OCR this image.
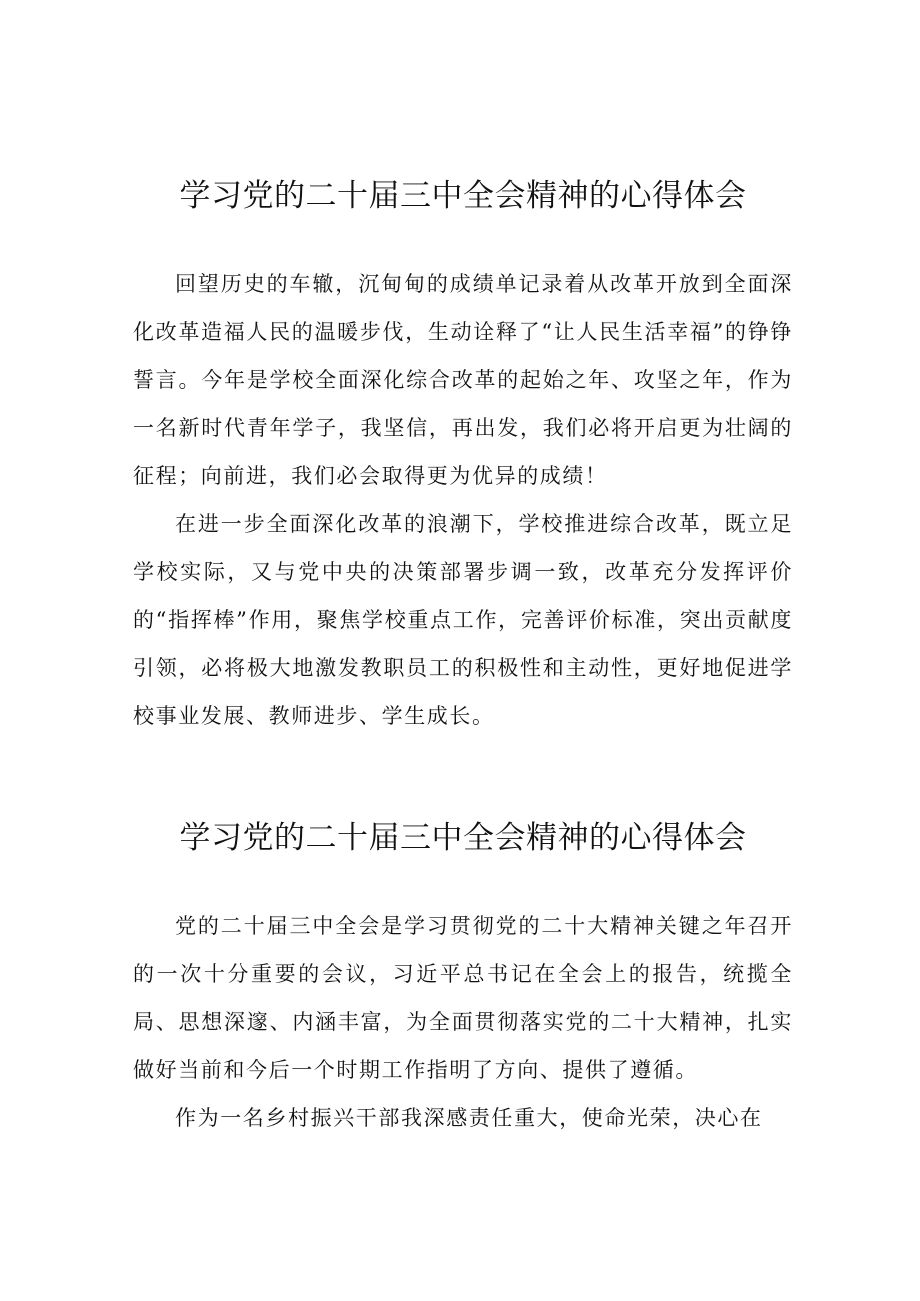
学习党的二十届三中全会精神的心得体会

回望历史的车辙，沉甸甸的成绩单记录着从改革开放到全面深化改革造福人民的温暖步伐，生动诠释了“让人民生活幸福”的铮铮誓言。今年是学校全面深化综合改革的起始之年、攻坚之年，作为一名新时代青年学子，我坚信，再出发，我们必将开启更为壮阔的征程；向前进，我们必会取得更为优异的成绩！

在进一步全面深化改革的浪潮下，学校推进综合改革，既立足学校实际，又与党中央的决策部署步调一致，改革充分发挥评价的“指挥棒”作用，聚焦学校重点工作，完善评价标准，突出贡献度引领，必将极大地激发教职员工的积极性和主动性，更好地促进学校事业发展、教师进步、学生成长。

学习党的二十届三中全会精神的心得体会

党的二十届三中全会是学习贯彻党的二十大精神关键之年召开的一次十分重要的会议，习近平总书记在全会上的报告，统揽全局、思想深邃、内涵丰富，为全面贯彻落实党的二十大精神，扎实做好当前和今后一个时期工作指明了方向、提供了遵循。

作为一名乡村振兴干部我深感责任重大，使命光荣，决心在
